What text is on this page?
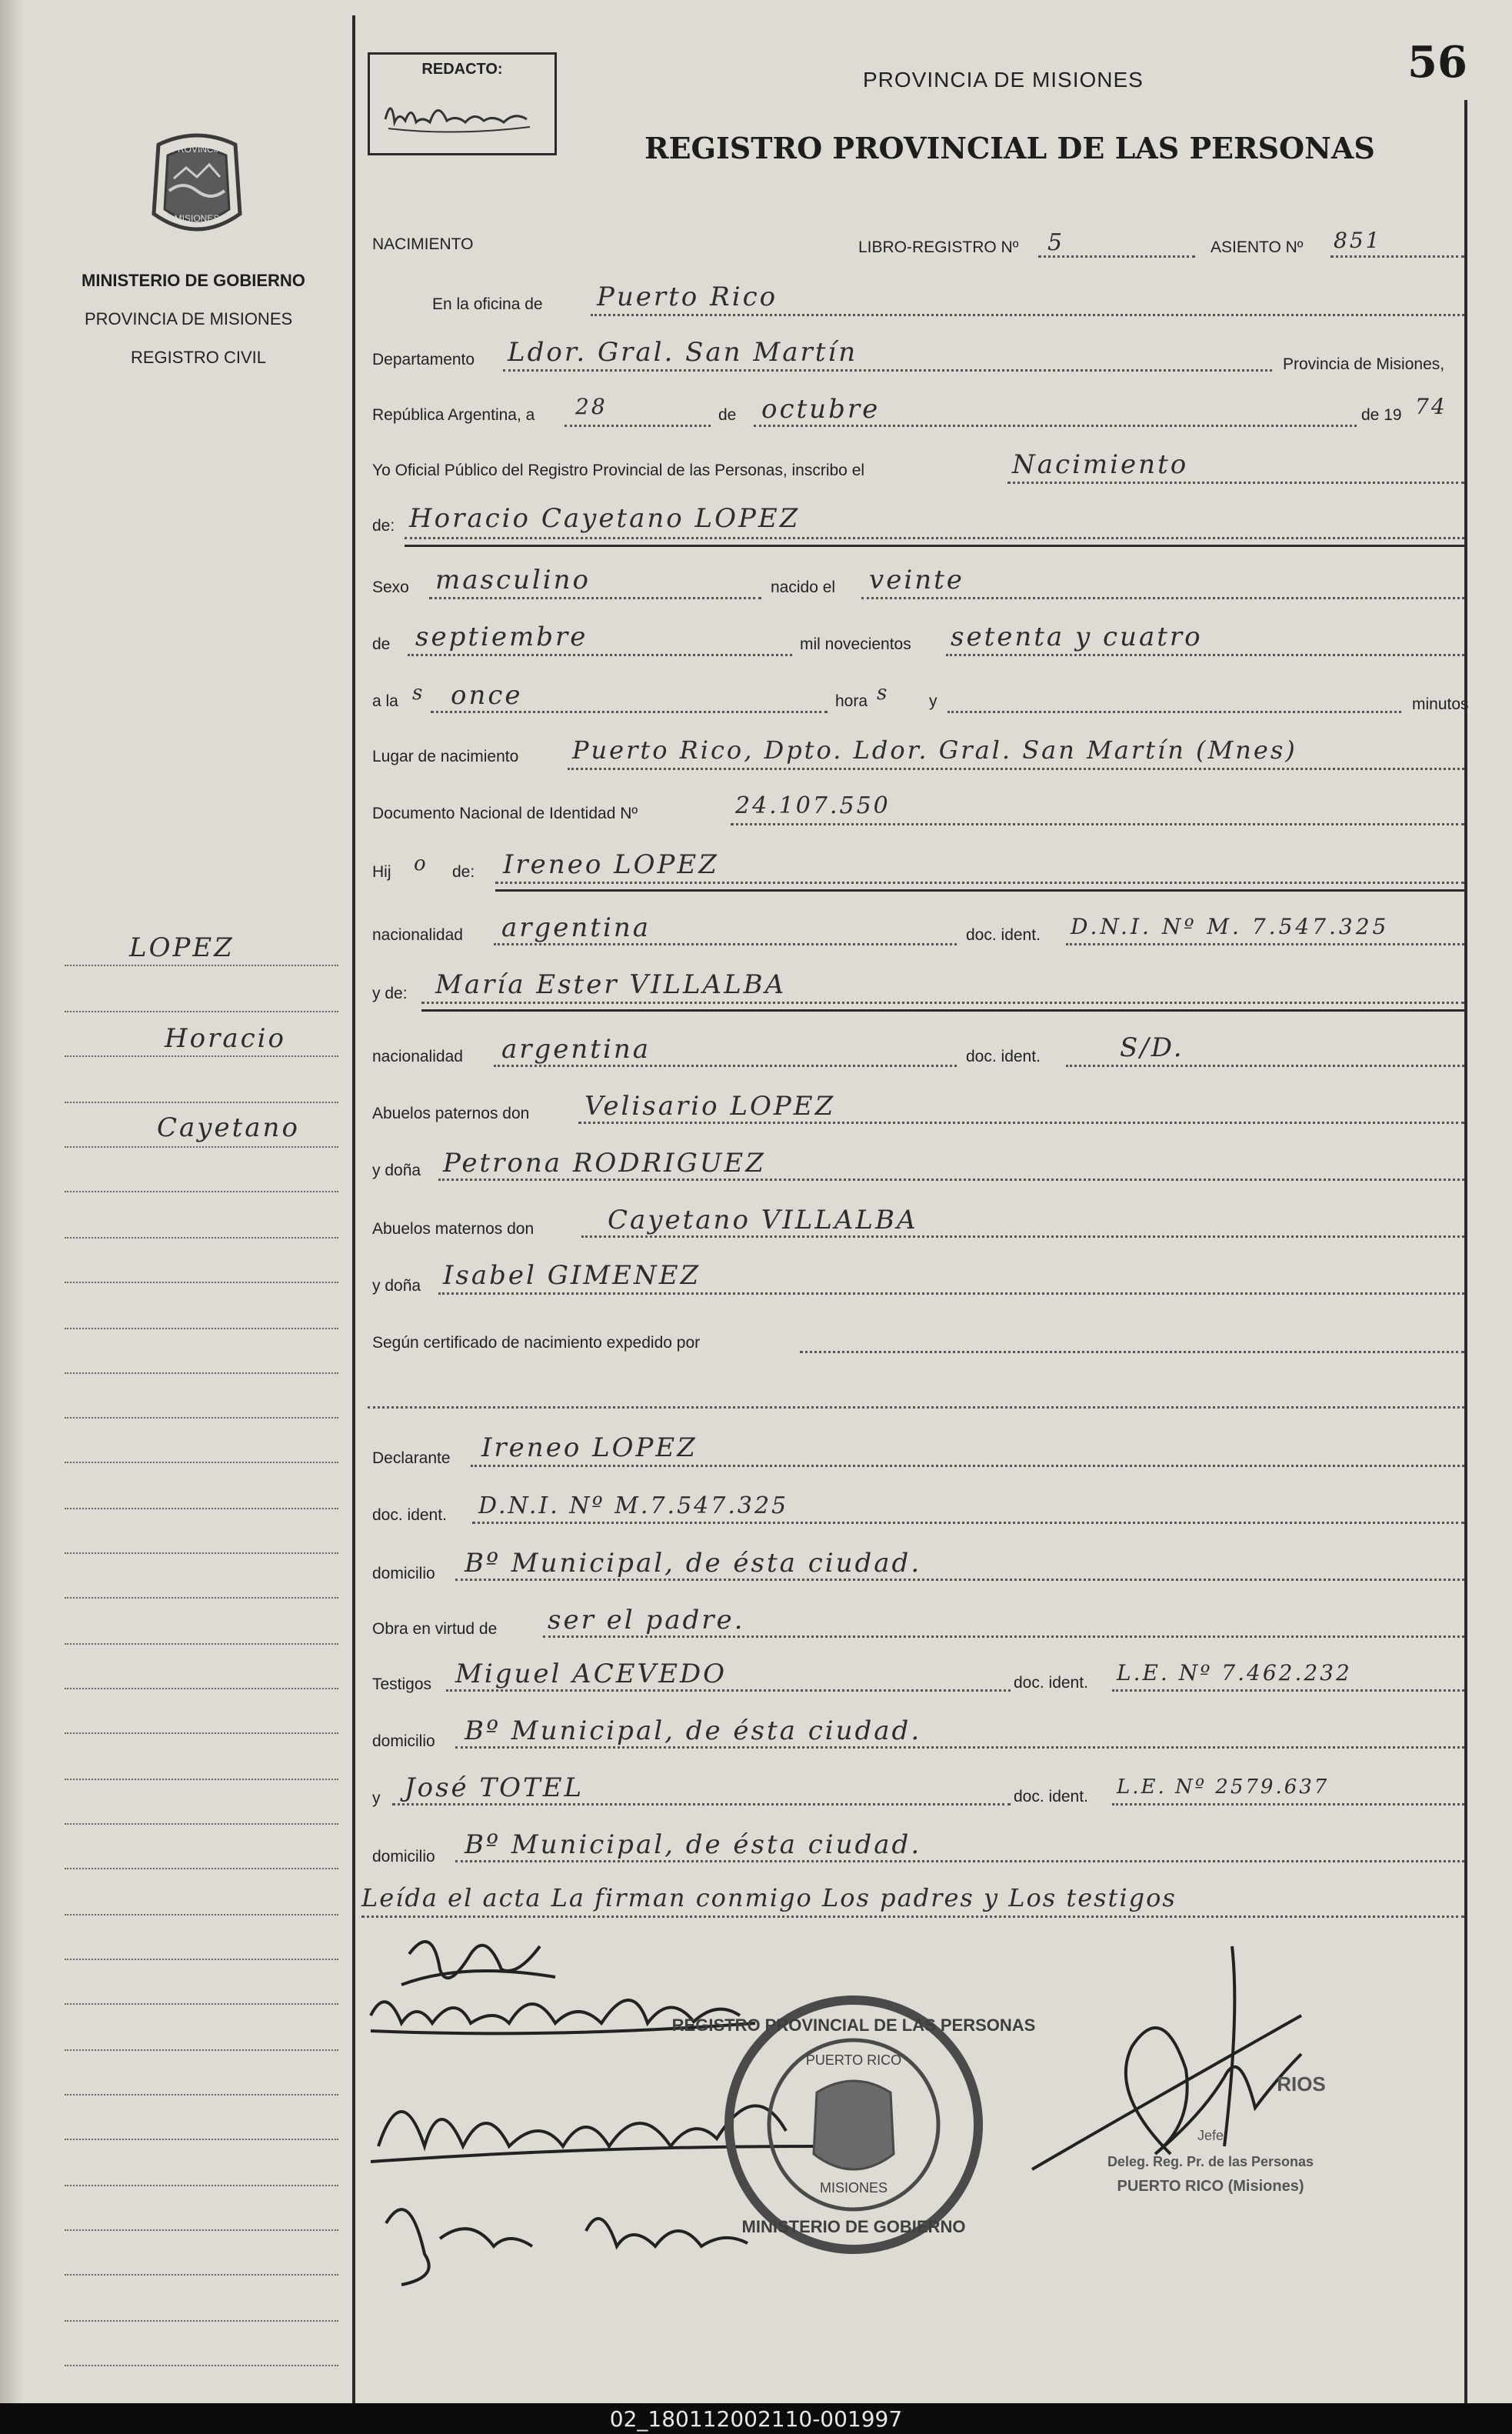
56
REDACTO:	PROVINCIA DE MISIONES
REGISTRO PROVINCIAL DE LAS PERSONAS
PROVINCIA
MISIONES
MINISTERIO DE GOBIERNO
PROVINCIA DE MISIONES
REGISTRO CIVIL
LOPEZ
Horacio
Cayetano
NACIMIENTO	LIBRO-REGISTRO Nº 5	ASIENTO Nº 851
En la oficina de Puerto Rico
Departamento Ldor. Gral. San Martín	Provincia de Misiones,
República Argentina, a 28	de octubre	de 19 74
Yo Oficial Público del Registro Provincial de las Personas, inscribo el	Nacimiento
de: Horacio Cayetano LOPEZ
Sexo masculino	nacido el veinte
de septiembre	mil novecientos setenta y cuatro
a la s once	hora s y	minutos
Lugar de nacimiento Puerto Rico, Dpto. Ldor. Gral. San Martín (Mnes)
Documento Nacional de Identidad Nº	24.107.550
Hij o de: Ireneo LOPEZ
nacionalidad argentina	doc. ident. D.N.I. Nº M. 7.547.325
y de: María Ester VILLALBA
nacionalidad argentina	doc. ident.	S/D.
Abuelos paternos don Velisario LOPEZ
y doña Petrona RODRIGUEZ
Abuelos maternos don	Cayetano VILLALBA
y doña Isabel GIMENEZ
Según certificado de nacimiento expedido por
Declarante Ireneo LOPEZ
doc. ident. D.N.I. Nº M.7.547.325
domicilio Bº Municipal, de ésta ciudad.
Obra en virtud de ser el padre.
Testigos Miguel ACEVEDO	doc. ident. L.E. Nº 7.462.232
domicilio Bº Municipal, de ésta ciudad.
y José TOTEL	doc. ident. L.E. Nº 2579.637
domicilio Bº Municipal, de ésta ciudad.
Leída el acta La firman conmigo Los padres y Los testigos
REGISTRO PROVINCIAL DE LAS PERSONAS
PUERTO RICO
MISIONES
MINISTERIO DE GOBIERNO
RIOS
Jefe
Deleg. Reg. Pr. de las Personas
PUERTO RICO (Misiones)
02_180112002110-001997
